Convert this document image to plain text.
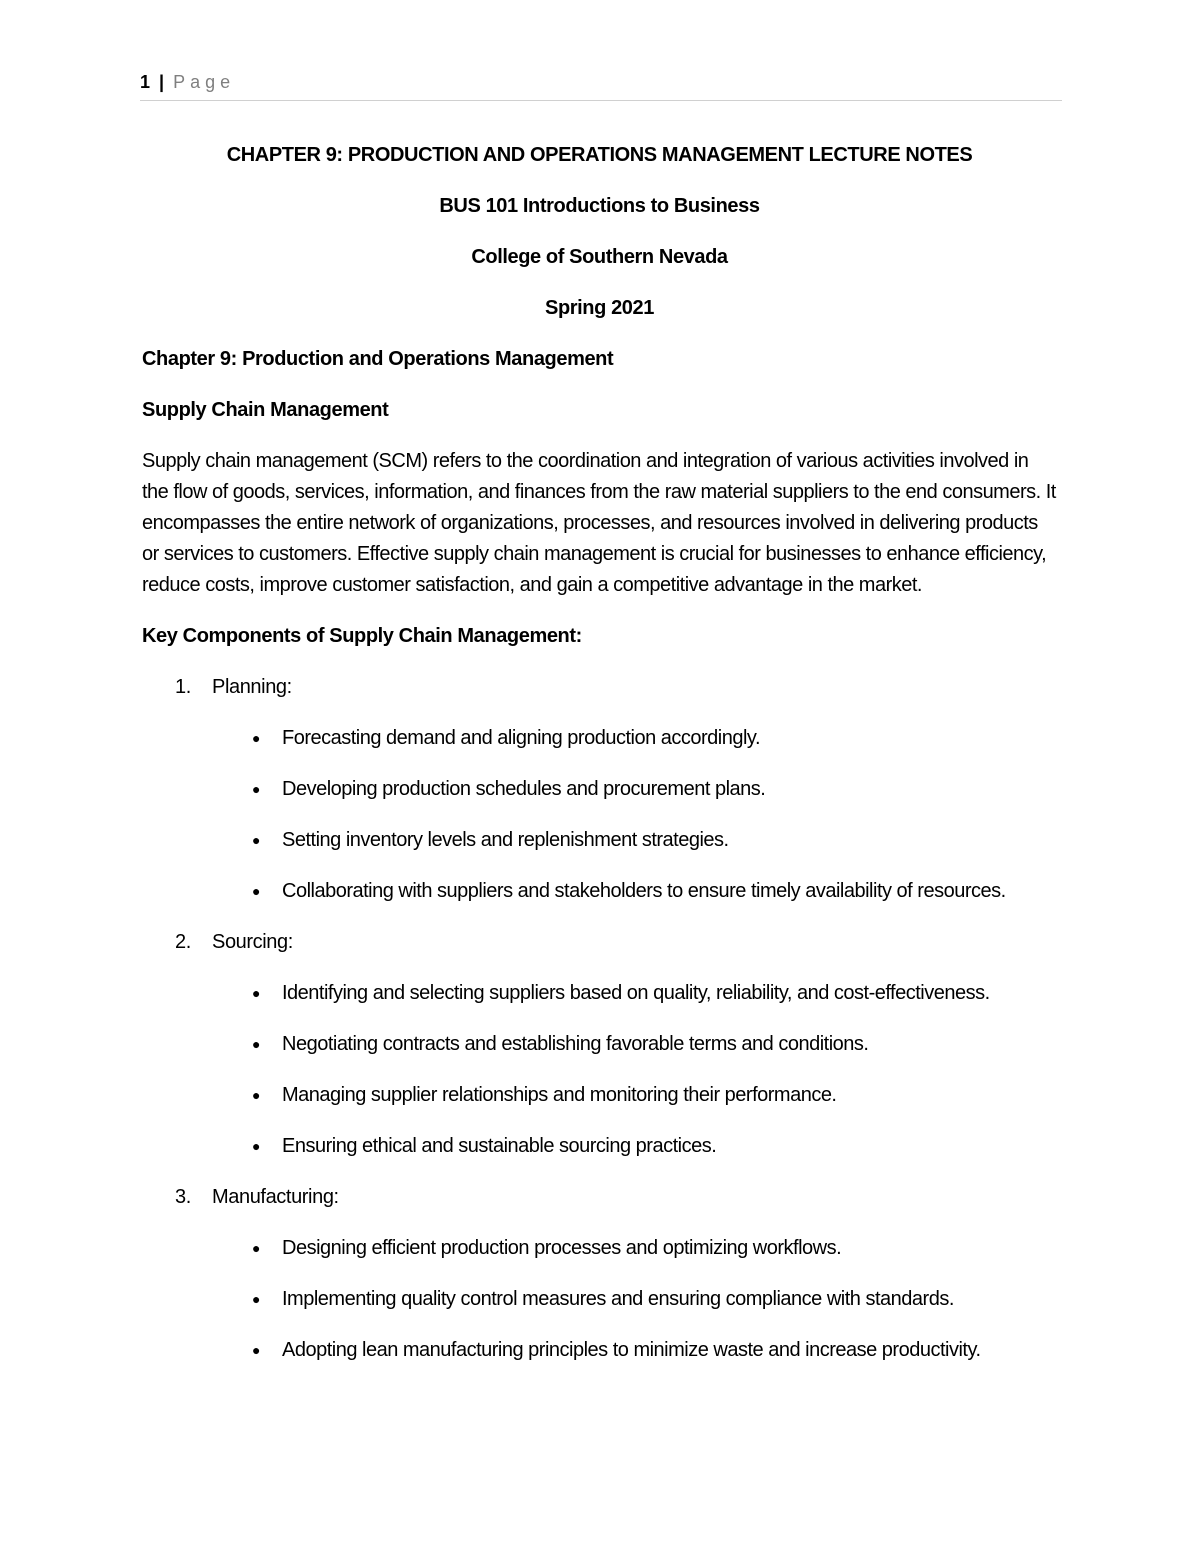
1 | Page

CHAPTER 9: PRODUCTION AND OPERATIONS MANAGEMENT LECTURE NOTES

BUS 101 Introductions to Business

College of Southern Nevada

Spring 2021

Chapter 9: Production and Operations Management

Supply Chain Management

Supply chain management (SCM) refers to the coordination and integration of various activities involved in the flow of goods, services, information, and finances from the raw material suppliers to the end consumers. It encompasses the entire network of organizations, processes, and resources involved in delivering products or services to customers. Effective supply chain management is crucial for businesses to enhance efficiency, reduce costs, improve customer satisfaction, and gain a competitive advantage in the market.

Key Components of Supply Chain Management:

1. Planning:

● Forecasting demand and aligning production accordingly.
● Developing production schedules and procurement plans.
● Setting inventory levels and replenishment strategies.
● Collaborating with suppliers and stakeholders to ensure timely availability of resources.

2. Sourcing:

● Identifying and selecting suppliers based on quality, reliability, and cost-effectiveness.
● Negotiating contracts and establishing favorable terms and conditions.
● Managing supplier relationships and monitoring their performance.
● Ensuring ethical and sustainable sourcing practices.

3. Manufacturing:

● Designing efficient production processes and optimizing workflows.
● Implementing quality control measures and ensuring compliance with standards.
● Adopting lean manufacturing principles to minimize waste and increase productivity.
